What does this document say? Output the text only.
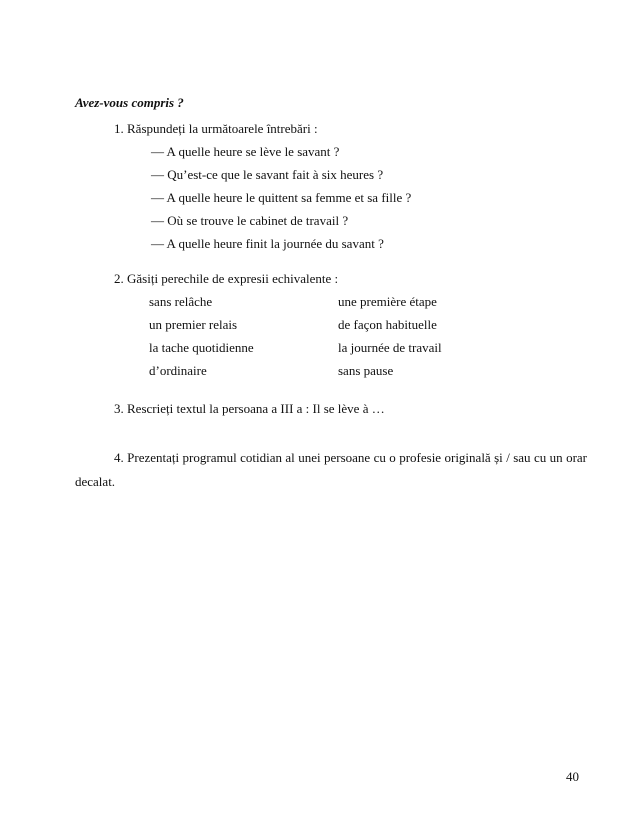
Avez-vous compris ?
1. Răspundeți la următoarele întrebări :
— A quelle heure se lève le savant ?
— Qu’est-ce que le savant fait à six heures ?
— A quelle heure le quittent sa femme et sa fille ?
— Où se trouve le cabinet de travail ?
— A quelle heure finit la journée du savant ?
2. Găsiți perechile de expresii echivalente :
sans relâche	une première étape
un premier relais	de façon habituelle
la tache quotidienne	la journée de travail
d’ordinaire	sans pause
3. Rescrieți textul la persoana a III a : Il se lève à …
4. Prezentați programul cotidian al unei persoane cu o profesie originală și / sau cu un orar decalat.
40
